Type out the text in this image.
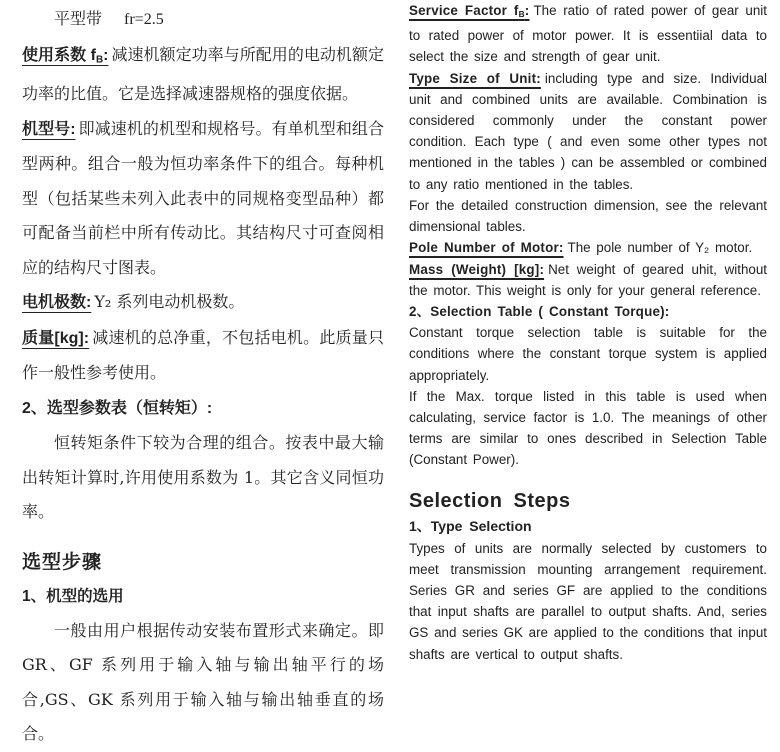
平型带 fr=2.5

使用系数 $f_B$: 减速机额定功率与所配用的电动机额定功率的比值。它是选择减速器规格的强度依据。

机型号: 即减速机的机型和规格号。有单机型和组合型两种。组合一般为恒功率条件下的组合。每种机型（包括某些未列入此表中的同规格变型品种）都可配备当前栏中所有传动比。其结构尺寸可查阅相应的结构尺寸图表。

电机极数: Y₂ 系列电动机极数。

质量[kg]: 减速机的总净重，不包括电机。此质量只作一般性参考使用。

2、选型参数表（恒转矩）:

恒转矩条件下较为合理的组合。按表中最大输出转矩计算时,许用使用系数为 1。其它含义同恒功率。

选型步骤
1、机型的选用

一般由用户根据传动安装布置形式来确定。即 GR、GF 系列用于输入轴与输出轴平行的场合,GS、GK 系列用于输入轴与输出轴垂直的场合。

Service Factor $f_B$: The ratio of rated power of gear unit to rated power of motor power. It is essentiial data to select the size and strength of gear unit.

Type Size of Unit: including type and size. Individual unit and combined units are available. Combination is considered commonly under the constant power condition. Each type ( and even some other types not mentioned in the tables ) can be assembled or combined to any ratio mentioned in the tables.

For the detailed construction dimension, see the relevant dimensional tables.

Pole Number of Motor: The pole number of Y₂ motor.

Mass (Weight) [kg]: Net weight of geared uhit, without the motor. This weight is only for your general reference.

2、Selection Table ( Constant Torque):

Constant torque selection table is suitable for the conditions where the constant torque system is applied appropriately.

If the Max. torque listed in this table is used when calculating, service factor is 1.0. The meanings of other terms are similar to ones described in Selection Table (Constant Power).

Selection Steps
1、Type Selection

Types of units are normally selected by customers to meet transmission mounting arrangement requirement. Series GR and series GF are applied to the conditions that input shafts are parallel to output shafts. And, series GS and series GK are applied to the conditions that input shafts are vertical to output shafts.
